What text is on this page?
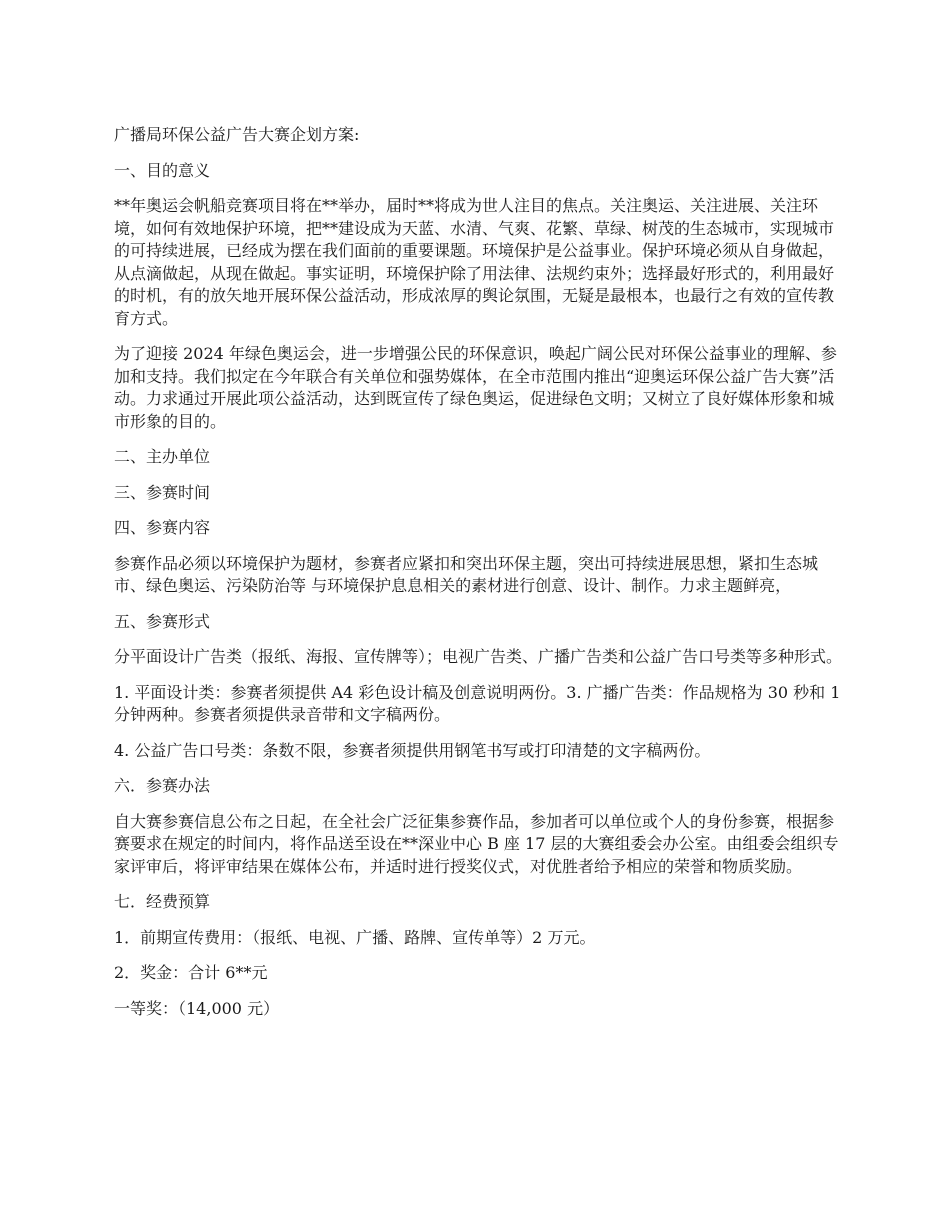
广播局环保公益广告大赛企划方案:

一、目的意义

**年奥运会帆船竞赛项目将在**举办，届时**将成为世人注目的焦点。关注奥运、关注进展、关注环境，如何有效地保护环境，把**建设成为天蓝、水清、气爽、花繁、草绿、树茂的生态城市，实现城市的可持续进展，已经成为摆在我们面前的重要课题。环境保护是公益事业。保护环境必须从自身做起，从点滴做起，从现在做起。事实证明，环境保护除了用法律、法规约束外；选择最好形式的，利用最好的时机，有的放矢地开展环保公益活动，形成浓厚的舆论氛围，无疑是最根本，也最行之有效的宣传教育方式。

为了迎接 2024 年绿色奥运会，进一步增强公民的环保意识，唤起广阔公民对环保公益事业的理解、参加和支持。我们拟定在今年联合有关单位和强势媒体，在全市范围内推出“迎奥运环保公益广告大赛”活动。力求通过开展此项公益活动，达到既宣传了绿色奥运，促进绿色文明；又树立了良好媒体形象和城市形象的目的。

二、主办单位

三、参赛时间

四、参赛内容

参赛作品必须以环境保护为题材，参赛者应紧扣和突出环保主题，突出可持续进展思想，紧扣生态城市、绿色奥运、污染防治等 与环境保护息息相关的素材进行创意、设计、制作。力求主题鲜亮，

五、参赛形式

分平面设计广告类（报纸、海报、宣传牌等）；电视广告类、广播广告类和公益广告口号类等多种形式。

1. 平面设计类：参赛者须提供 A4 彩色设计稿及创意说明两份。3. 广播广告类：作品规格为 30 秒和 1 分钟两种。参赛者须提供录音带和文字稿两份。

4. 公益广告口号类：条数不限，参赛者须提供用钢笔书写或打印清楚的文字稿两份。

六．参赛办法

自大赛参赛信息公布之日起，在全社会广泛征集参赛作品，参加者可以单位或个人的身份参赛，根据参赛要求在规定的时间内，将作品送至设在**深业中心 B 座 17 层的大赛组委会办公室。由组委会组织专家评审后，将评审结果在媒体公布，并适时进行授奖仪式，对优胜者给予相应的荣誉和物质奖励。

七．经费预算

1．前期宣传费用：（报纸、电视、广播、路牌、宣传单等）2 万元。

2．奖金：合计 6**元

一等奖：（14,000 元）
